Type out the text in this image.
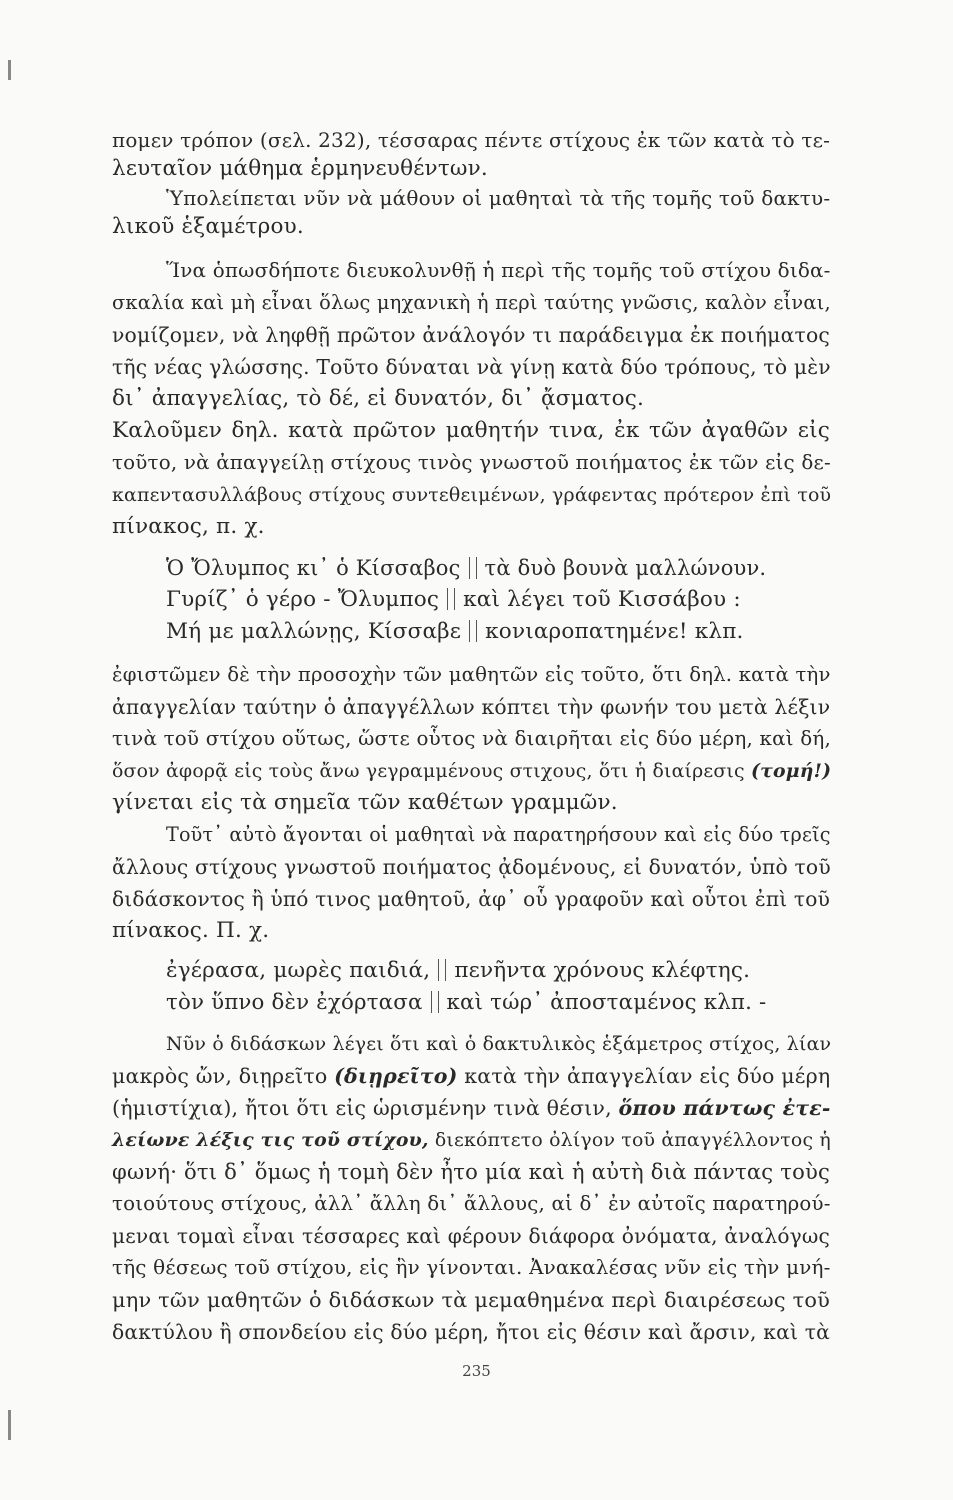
πομεν τρόπον (σελ. 232), τέσσαρας πέντε στίχους ἐκ τῶν κατὰ τὸ τε-
λευταῖον μάθημα ἑρμηνευθέντων.
Ὑπολείπεται νῦν νὰ μάθουν οἱ μαθηταὶ τὰ τῆς τομῆς τοῦ δακτυ-
λικοῦ ἑξαμέτρου.
Ἵνα ὁπωσδήποτε διευκολυνθῇ ἡ περὶ τῆς τομῆς τοῦ στίχου διδα-
σκαλία καὶ μὴ εἶναι ὅλως μηχανικὴ ἡ περὶ ταύτης γνῶσις, καλὸν εἶναι,
νομίζομεν, νὰ ληφθῇ πρῶτον ἀνάλογόν τι παράδειγμα ἐκ ποιήματος
τῆς νέας γλώσσης. Τοῦτο δύναται νὰ γίνῃ κατὰ δύο τρόπους, τὸ μὲν
δι᾽ ἀπαγγελίας, τὸ δέ, εἰ δυνατόν, δι᾽ ᾄσματος.
Καλοῦμεν δηλ. κατὰ πρῶτον μαθητήν τινα, ἐκ τῶν ἀγαθῶν εἰς
τοῦτο, νὰ ἀπαγγείλῃ στίχους τινὸς γνωστοῦ ποιήματος ἐκ τῶν εἰς δε-
καπεντασυλλάβους στίχους συντεθειμένων, γράφεντας πρότερον ἐπὶ τοῦ
πίνακος, π. χ.
Ὁ Ὄλυμπος κι᾽ ὁ Κίσσαβος τὰ δυὸ βουνὰ μαλλώνουν.
Γυρίζ᾽ ὁ γέρο - Ὄλυμπος καὶ λέγει τοῦ Κισσάβου :
Μή με μαλλώνῃς, Κίσσαβε κονιαροπατημένε! κλπ.
ἐφιστῶμεν δὲ τὴν προσοχὴν τῶν μαθητῶν εἰς τοῦτο, ὅτι δηλ. κατὰ τὴν
ἀπαγγελίαν ταύτην ὁ ἀπαγγέλλων κόπτει τὴν φωνήν του μετὰ λέξιν
τινὰ τοῦ στίχου οὕτως, ὥστε οὗτος νὰ διαιρῆται εἰς δύο μέρη, καὶ δή,
ὅσον ἀφορᾷ εἰς τοὺς ἄνω γεγραμμένους στιχους, ὅτι ἡ διαίρεσις (τομή!)
γίνεται εἰς τὰ σημεῖα τῶν καθέτων γραμμῶν.
Τοῦτ᾽ αὐτὸ ἄγονται οἱ μαθηταὶ νὰ παρατηρήσουν καὶ εἰς δύο τρεῖς
ἄλλους στίχους γνωστοῦ ποιήματος ᾀδομένους, εἰ δυνατόν, ὑπὸ τοῦ
διδάσκοντος ἢ ὑπό τινος μαθητοῦ, ἀφ᾽ οὗ γραφοῦν καὶ οὗτοι ἐπὶ τοῦ
πίνακος. Π. χ.
ἐγέρασα, μωρὲς παιδιά, πενῆντα χρόνους κλέφτης.
τὸν ὕπνο δὲν ἐχόρτασα καὶ τώρ᾽ ἀποσταμένος κλπ. -
Νῦν ὁ διδάσκων λέγει ὅτι καὶ ὁ δακτυλικὸς ἑξάμετρος στίχος, λίαν
μακρὸς ὤν, διῃρεῖτο (διῃρεῖτο) κατὰ τὴν ἀπαγγελίαν εἰς δύο μέρη
(ἡμιστίχια), ἤτοι ὅτι εἰς ὡρισμένην τινὰ θέσιν, ὅπου πάντως ἐτε-
λείωνε λέξις τις τοῦ στίχου, διεκόπτετο ὀλίγον τοῦ ἀπαγγέλλοντος ἡ
φωνή· ὅτι δ᾽ ὅμως ἡ τομὴ δὲν ἦτο μία καὶ ἡ αὐτὴ διὰ πάντας τοὺς
τοιούτους στίχους, ἀλλ᾽ ἄλλη δι᾽ ἄλλους, αἱ δ᾽ ἐν αὐτοῖς παρατηρού-
μεναι τομαὶ εἶναι τέσσαρες καὶ φέρουν διάφορα ὀνόματα, ἀναλόγως
τῆς θέσεως τοῦ στίχου, εἰς ἣν γίνονται. Ἀνακαλέσας νῦν εἰς τὴν μνή-
μην τῶν μαθητῶν ὁ διδάσκων τὰ μεμαθημένα περὶ διαιρέσεως τοῦ
δακτύλου ἢ σπονδείου εἰς δύο μέρη, ἤτοι εἰς θέσιν καὶ ἄρσιν, καὶ τὰ
235
